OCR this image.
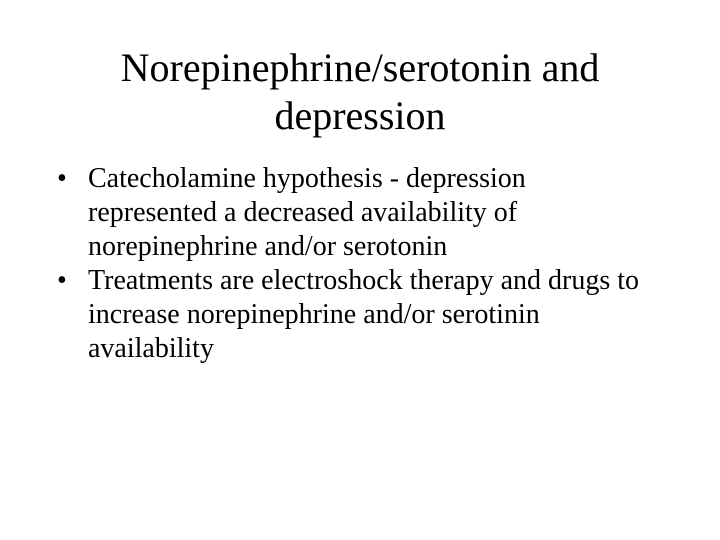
Norepinephrine/serotonin and depression
• Catecholamine hypothesis - depression represented a decreased availability of norepinephrine and/or serotonin
• Treatments are electroshock therapy and drugs to increase norepinephrine and/or serotinin availability
